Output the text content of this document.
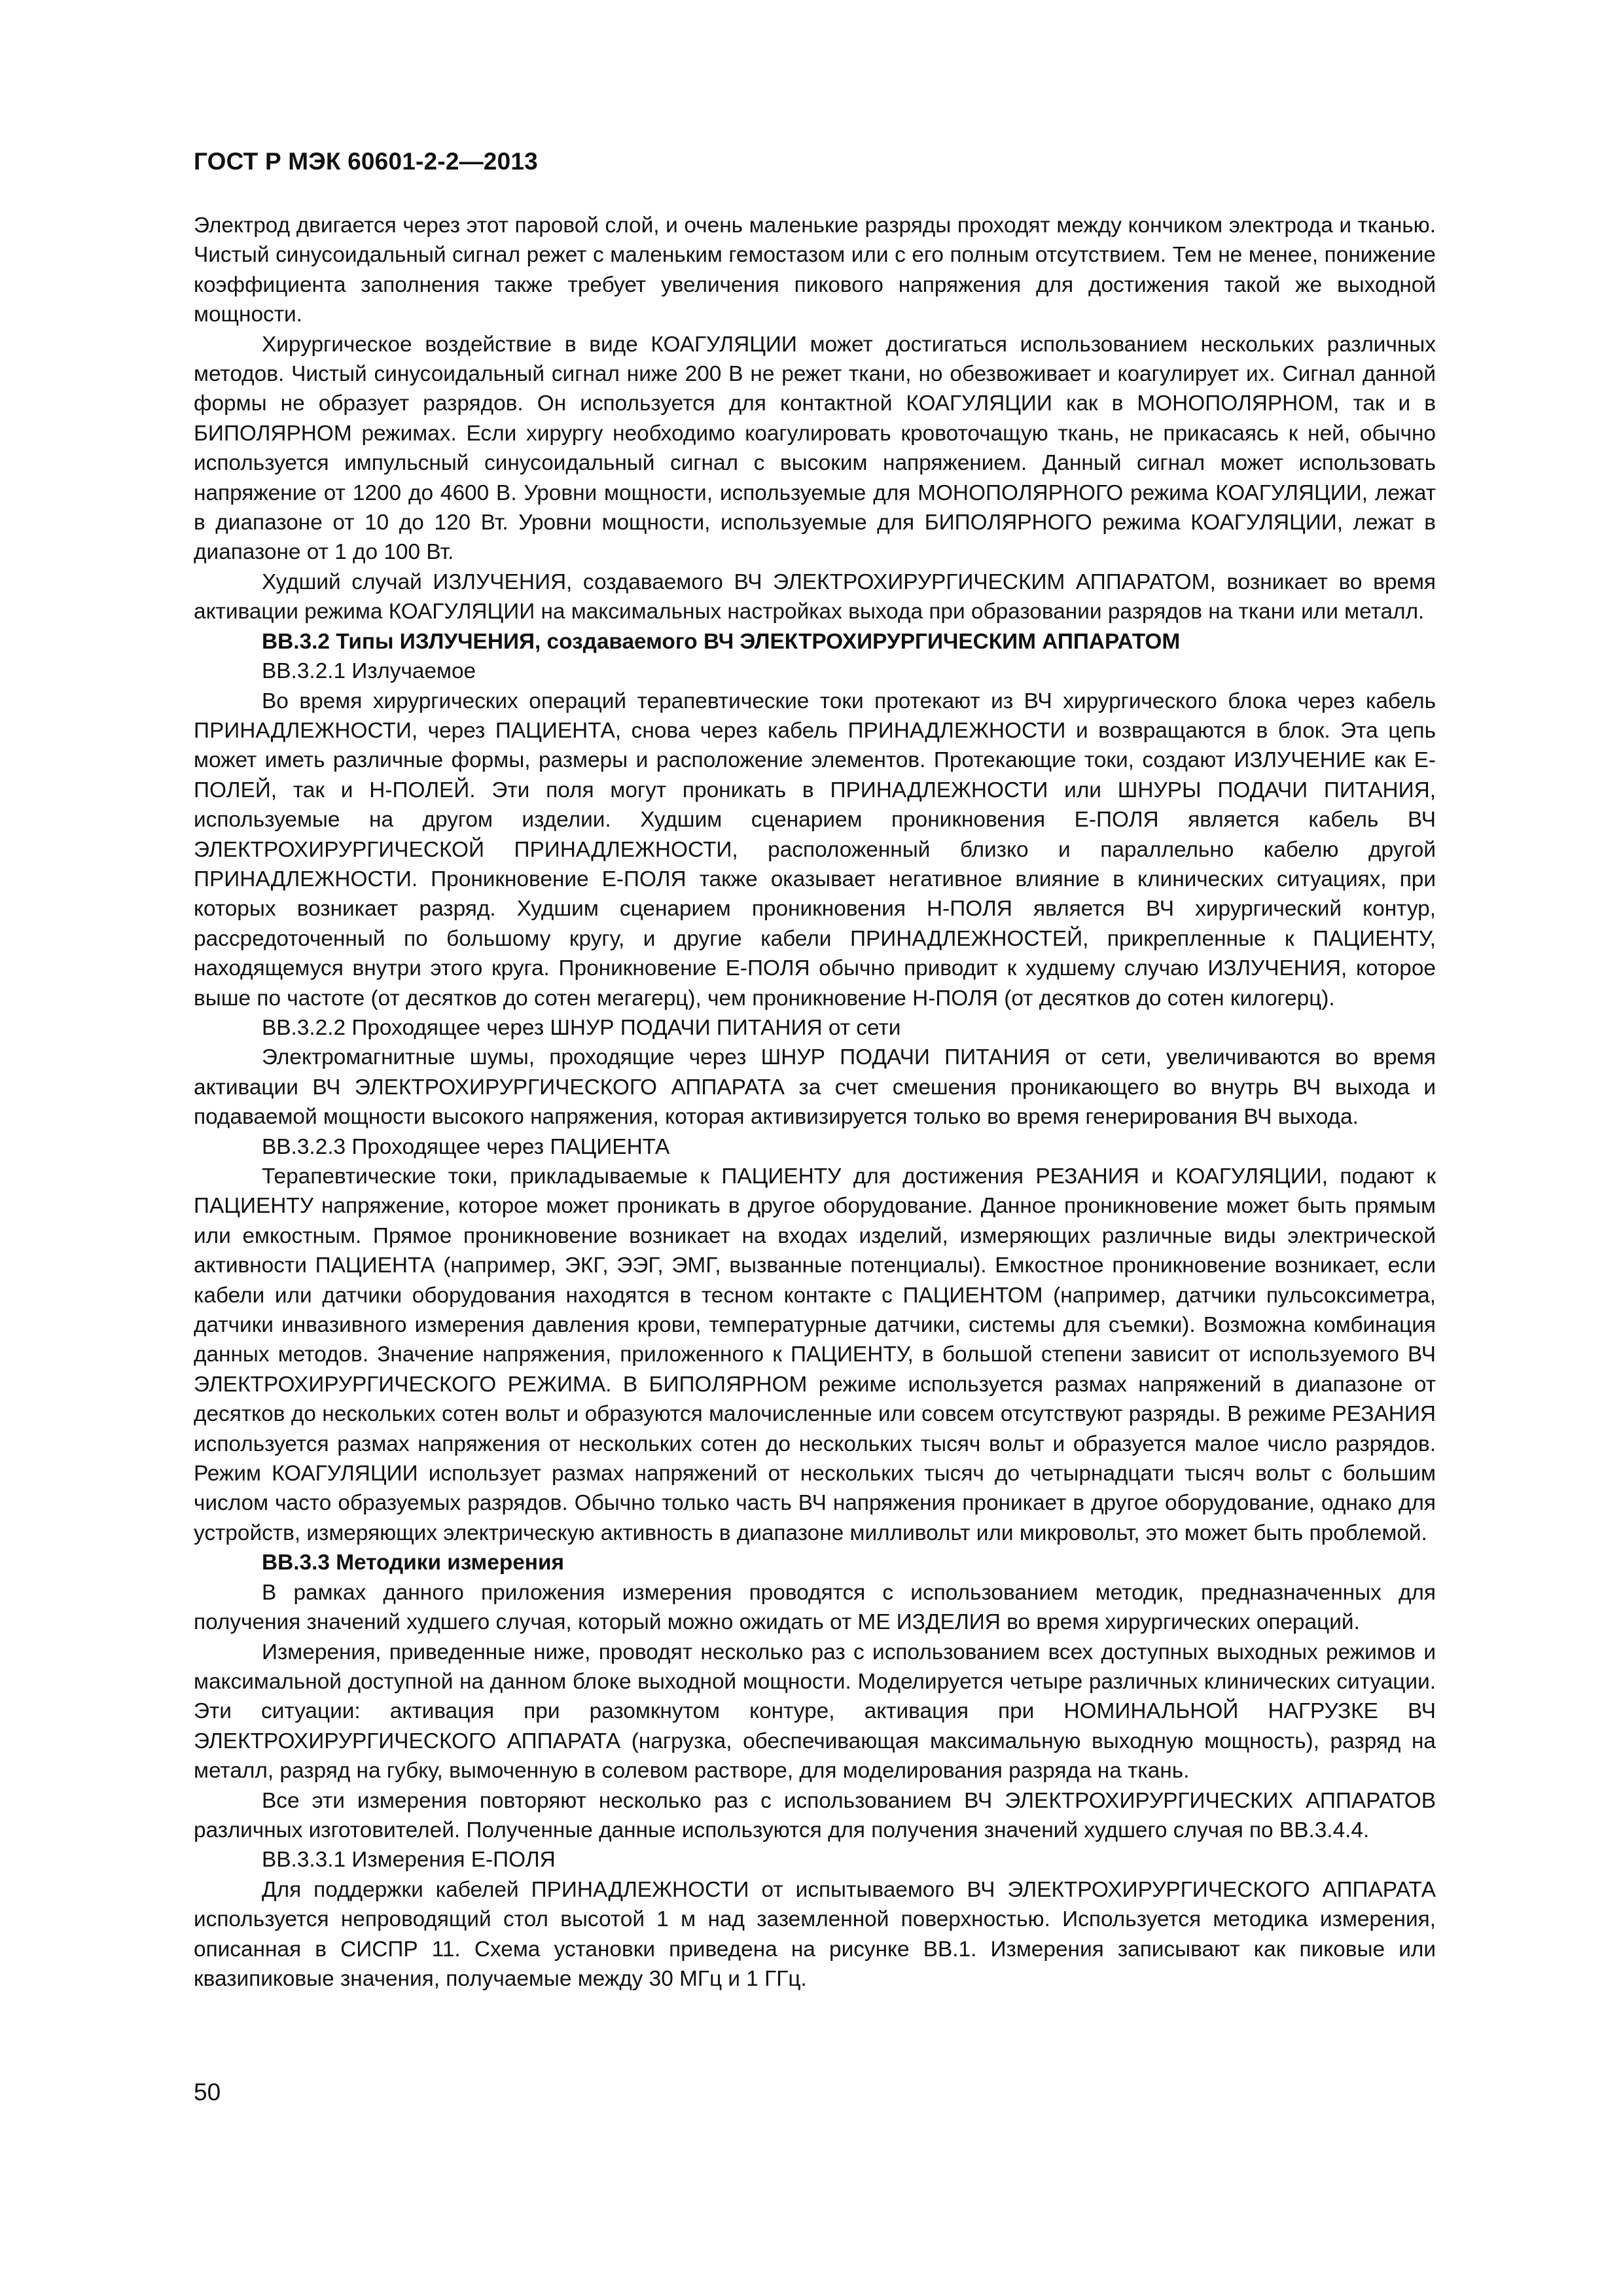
ГОСТ Р МЭК 60601-2-2—2013

Электрод двигается через этот паровой слой, и очень маленькие разряды проходят между кончиком электрода и тканью. Чистый синусоидальный сигнал режет с маленьким гемостазом или с его полным отсутствием. Тем не менее, понижение коэффициента заполнения также требует увеличения пикового напряжения для достижения такой же выходной мощности.

Хирургическое воздействие в виде КОАГУЛЯЦИИ может достигаться использованием нескольких различных методов. Чистый синусоидальный сигнал ниже 200 В не режет ткани, но обезвоживает и коагулирует их. Сигнал данной формы не образует разрядов. Он используется для контактной КОАГУЛЯЦИИ как в МОНОПОЛЯРНОМ, так и в БИПОЛЯРНОМ режимах. Если хирургу необходимо коагулировать кровоточащую ткань, не прикасаясь к ней, обычно используется импульсный синусоидальный сигнал с высоким напряжением. Данный сигнал может использовать напряжение от 1200 до 4600 В. Уровни мощности, используемые для МОНОПОЛЯРНОГО режима КОАГУЛЯЦИИ, лежат в диапазоне от 10 до 120 Вт. Уровни мощности, используемые для БИПОЛЯРНОГО режима КОАГУЛЯЦИИ, лежат в диапазоне от 1 до 100 Вт.

Худший случай ИЗЛУЧЕНИЯ, создаваемого ВЧ ЭЛЕКТРОХИРУРГИЧЕСКИМ АППАРАТОМ, возникает во время активации режима КОАГУЛЯЦИИ на максимальных настройках выхода при образовании разрядов на ткани или металл.

ВВ.3.2 Типы ИЗЛУЧЕНИЯ, создаваемого ВЧ ЭЛЕКТРОХИРУРГИЧЕСКИМ АППАРАТОМ

ВВ.3.2.1 Излучаемое

Во время хирургических операций терапевтические токи протекают из ВЧ хирургического блока через кабель ПРИНАДЛЕЖНОСТИ, через ПАЦИЕНТА, снова через кабель ПРИНАДЛЕЖНОСТИ и возвращаются в блок. Эта цепь может иметь различные формы, размеры и расположение элементов. Протекающие токи, создают ИЗЛУЧЕНИЕ как E-ПОЛЕЙ, так и H-ПОЛЕЙ. Эти поля могут проникать в ПРИНАДЛЕЖНОСТИ или ШНУРЫ ПОДАЧИ ПИТАНИЯ, используемые на другом изделии. Худшим сценарием проникновения E-ПОЛЯ является кабель ВЧ ЭЛЕКТРОХИРУРГИЧЕСКОЙ ПРИНАДЛЕЖНОСТИ, расположенный близко и параллельно кабелю другой ПРИНАДЛЕЖНОСТИ. Проникновение E-ПОЛЯ также оказывает негативное влияние в клинических ситуациях, при которых возникает разряд. Худшим сценарием проникновения H-ПОЛЯ является ВЧ хирургический контур, рассредоточенный по большому кругу, и другие кабели ПРИНАДЛЕЖНОСТЕЙ, прикрепленные к ПАЦИЕНТУ, находящемуся внутри этого круга. Проникновение E-ПОЛЯ обычно приводит к худшему случаю ИЗЛУЧЕНИЯ, которое выше по частоте (от десятков до сотен мегагерц), чем проникновение H-ПОЛЯ (от десятков до сотен килогерц).

ВВ.3.2.2 Проходящее через ШНУР ПОДАЧИ ПИТАНИЯ от сети

Электромагнитные шумы, проходящие через ШНУР ПОДАЧИ ПИТАНИЯ от сети, увеличиваются во время активации ВЧ ЭЛЕКТРОХИРУРГИЧЕСКОГО АППАРАТА за счет смешения проникающего во внутрь ВЧ выхода и подаваемой мощности высокого напряжения, которая активизируется только во время генерирования ВЧ выхода.

ВВ.3.2.3 Проходящее через ПАЦИЕНТА

Терапевтические токи, прикладываемые к ПАЦИЕНТУ для достижения РЕЗАНИЯ и КОАГУЛЯЦИИ, подают к ПАЦИЕНТУ напряжение, которое может проникать в другое оборудование. Данное проникновение может быть прямым или емкостным. Прямое проникновение возникает на входах изделий, измеряющих различные виды электрической активности ПАЦИЕНТА (например, ЭКГ, ЭЭГ, ЭМГ, вызванные потенциалы). Емкостное проникновение возникает, если кабели или датчики оборудования находятся в тесном контакте с ПАЦИЕНТОМ (например, датчики пульсоксиметра, датчики инвазивного измерения давления крови, температурные датчики, системы для съемки). Возможна комбинация данных методов. Значение напряжения, приложенного к ПАЦИЕНТУ, в большой степени зависит от используемого ВЧ ЭЛЕКТРОХИРУРГИЧЕСКОГО РЕЖИМА. В БИПОЛЯРНОМ режиме используется размах напряжений в диапазоне от десятков до нескольких сотен вольт и образуются малочисленные или совсем отсутствуют разряды. В режиме РЕЗАНИЯ используется размах напряжения от нескольких сотен до нескольких тысяч вольт и образуется малое число разрядов. Режим КОАГУЛЯЦИИ использует размах напряжений от нескольких тысяч до четырнадцати тысяч вольт с большим числом часто образуемых разрядов. Обычно только часть ВЧ напряжения проникает в другое оборудование, однако для устройств, измеряющих электрическую активность в диапазоне милливольт или микровольт, это может быть проблемой.

ВВ.3.3 Методики измерения

В рамках данного приложения измерения проводятся с использованием методик, предназначенных для получения значений худшего случая, который можно ожидать от МЕ ИЗДЕЛИЯ во время хирургических операций.

Измерения, приведенные ниже, проводят несколько раз с использованием всех доступных выходных режимов и максимальной доступной на данном блоке выходной мощности. Моделируется четыре различных клинических ситуации. Эти ситуации: активация при разомкнутом контуре, активация при НОМИНАЛЬНОЙ НАГРУЗКЕ ВЧ ЭЛЕКТРОХИРУРГИЧЕСКОГО АППАРАТА (нагрузка, обеспечивающая максимальную выходную мощность), разряд на металл, разряд на губку, вымоченную в солевом растворе, для моделирования разряда на ткань.

Все эти измерения повторяют несколько раз с использованием ВЧ ЭЛЕКТРОХИРУРГИЧЕСКИХ АППАРАТОВ различных изготовителей. Полученные данные используются для получения значений худшего случая по ВВ.3.4.4.

ВВ.3.3.1 Измерения E-ПОЛЯ

Для поддержки кабелей ПРИНАДЛЕЖНОСТИ от испытываемого ВЧ ЭЛЕКТРОХИРУРГИЧЕСКОГО АППАРАТА используется непроводящий стол высотой 1 м над заземленной поверхностью. Используется методика измерения, описанная в СИСПР 11. Схема установки приведена на рисунке ВВ.1. Измерения записывают как пиковые или квазипиковые значения, получаемые между 30 МГц и 1 ГГц.

50
